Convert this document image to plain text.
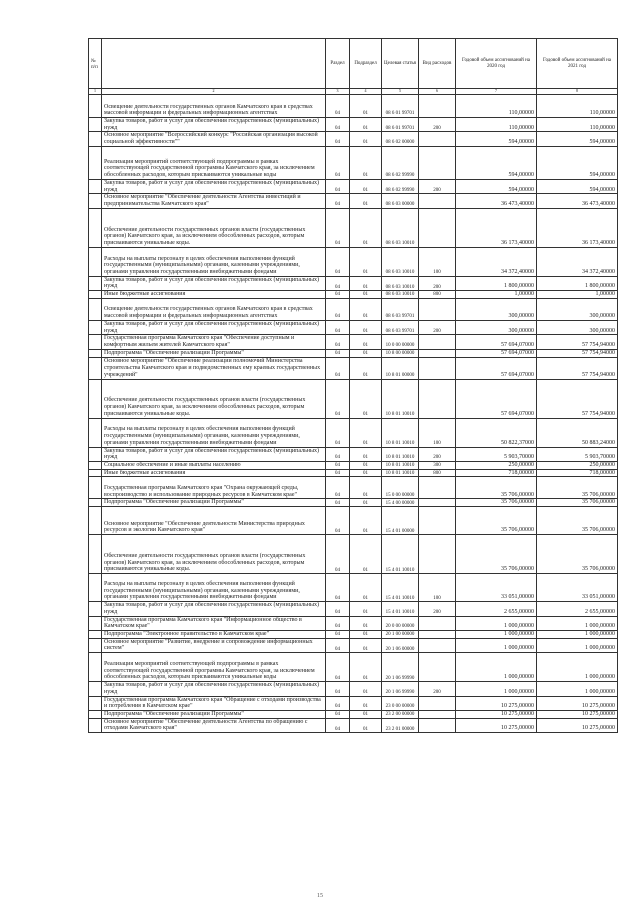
№ п/п		Раздел	Подраздел	Целевая статья	Вид расходов	Годовой объем ассигнований на 2020 год	Годовой объем ассигнований на 2021 год
1	2	3	4	5	6	7	8
	Освещение деятельности государственных органов Камчатского края в средствах массовой информации и федеральных информационных агентствах	04	01	08 6 01 99701		110,00000	110,00000
	Закупка товаров, работ и услуг для обеспечения государственных (муниципальных) нужд	04	01	08 6 01 99701	200	110,00000	110,00000
	Основное мероприятие "Всероссийский конкурс "Российская организация высокой социальной эффективности""	04	01	08 6 02 00000		594,00000	594,00000
	Реализация мероприятий соответствующей подпрограммы в рамках соответствующей государственной программы Камчатского края, за исключением обособленных расходов, которым присваиваются уникальные коды	04	01	08 6 02 99990		594,00000	594,00000
	Закупка товаров, работ и услуг для обеспечения государственных (муниципальных) нужд	04	01	08 6 02 99990	200	594,00000	594,00000
	Основное мероприятие "Обеспечение деятельности Агентства инвестиций и предпринимательства Камчатского края"	04	01	08 6 03 00000		36 473,40000	36 473,40000
	Обеспечение деятельности государственных органов власти (государственных органов) Камчатского края, за исключением обособленных расходов, которым присваиваются уникальные коды.	04	01	08 6 03 10010		36 173,40000	36 173,40000
	Расходы на выплаты персоналу в целях обеспечения выполнения функций государственными (муниципальными) органами, казенными учреждениями, органами управления государственными внебюджетными фондами	04	01	08 6 03 10010	100	34 372,40000	34 372,40000
	Закупка товаров, работ и услуг для обеспечения государственных (муниципальных) нужд	04	01	08 6 03 10010	200	1 800,00000	1 800,00000
	Иные бюджетные ассигнования	04	01	08 6 03 10010	800	1,00000	1,00000
	Освещение деятельности государственных органов Камчатского края в средствах массовой информации и федеральных информационных агентствах	04	01	08 6 03 99701		300,00000	300,00000
	Закупка товаров, работ и услуг для обеспечения государственных (муниципальных) нужд	04	01	08 6 03 99701	200	300,00000	300,00000
	Государственная программа Камчатского края "Обеспечение доступным и комфортным жильем жителей Камчатского края"	04	01	10 0 00 00000		57 694,07000	57 754,94000
	Подпрограмма "Обеспечение реализации Программы"	04	01	10 8 00 00000		57 694,07000	57 754,94000
	Основное мероприятие "Обеспечение реализации полномочий Министерства строительства Камчатского края и подведомственных ему краевых государственных учреждений"	04	01	10 8 01 00000		57 694,07000	57 754,94000
	Обеспечение деятельности государственных органов власти (государственных органов) Камчатского края, за исключением обособленных расходов, которым присваиваются уникальные коды.	04	01	10 8 01 10010		57 694,07000	57 754,94000
	Расходы на выплаты персоналу в целях обеспечения выполнения функций государственными (муниципальными) органами, казенными учреждениями, органами управления государственными внебюджетными фондами	04	01	10 8 01 10010	100	50 822,37000	50 883,24000
	Закупка товаров, работ и услуг для обеспечения государственных (муниципальных) нужд	04	01	10 8 01 10010	200	5 903,70000	5 903,70000
	Социальное обеспечение и иные выплаты населению	04	01	10 8 01 10010	300	250,00000	250,00000
	Иные бюджетные ассигнования	04	01	10 8 01 10010	800	718,00000	718,00000
	Государственная программа Камчатского края "Охрана окружающей среды, воспроизводство и использование природных ресурсов в Камчатском крае"	04	01	15 0 00 00000		35 706,00000	35 706,00000
	Подпрограмма "Обеспечение реализации Программы"	04	01	15 4 00 00000		35 706,00000	35 706,00000
	Основное мероприятие "Обеспечение деятельности Министерства природных ресурсов и экологии Камчатского края"	04	01	15 4 01 00000		35 706,00000	35 706,00000
	Обеспечение деятельности государственных органов власти (государственных органов) Камчатского края, за исключением обособленных расходов, которым присваиваются уникальные коды.	04	01	15 4 01 10010		35 706,00000	35 706,00000
	Расходы на выплаты персоналу в целях обеспечения выполнения функций государственными (муниципальными) органами, казенными учреждениями, органами управления государственными внебюджетными фондами	04	01	15 4 01 10010	100	33 051,00000	33 051,00000
	Закупка товаров, работ и услуг для обеспечения государственных (муниципальных) нужд	04	01	15 4 01 10010	200	2 655,00000	2 655,00000
	Государственная программа Камчатского края "Информационное общество в Камчатском крае"	04	01	20 0 00 00000		1 000,00000	1 000,00000
	Подпрограмма "Электронное правительство в Камчатском крае"	04	01	20 1 00 00000		1 000,00000	1 000,00000
	Основное мероприятие "Развитие, внедрение и сопровождение информационных систем"	04	01	20 1 06 00000		1 000,00000	1 000,00000
	Реализация мероприятий соответствующей подпрограммы в рамках соответствующей государственной программы Камчатского края, за исключением обособленных расходов, которым присваиваются уникальные коды	04	01	20 1 06 99990		1 000,00000	1 000,00000
	Закупка товаров, работ и услуг для обеспечения государственных (муниципальных) нужд	04	01	20 1 06 99990	200	1 000,00000	1 000,00000
	Государственная программа Камчатского края "Обращение с отходами производства и потребления в Камчатском крае"	04	01	23 0 00 00000		10 275,00000	10 275,00000
	Подпрограмма "Обеспечение реализации Программы"	04	01	23 2 00 00000		10 275,00000	10 275,00000
	Основное мероприятие "Обеспечение деятельности Агентства по обращению с отходами Камчатского края"	04	01	23 2 01 00000		10 275,00000	10 275,00000
15
